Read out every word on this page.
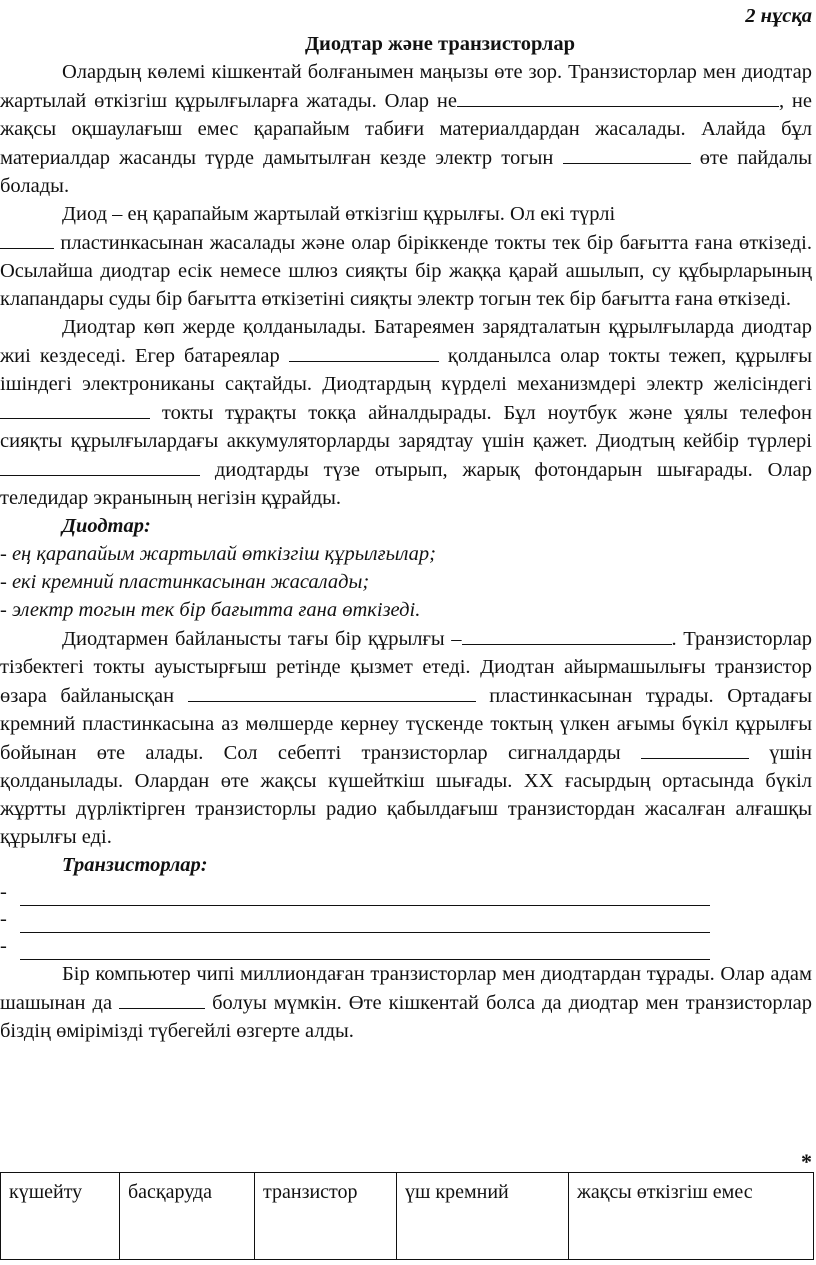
2 нұсқа
Диодтар және транзисторлар

Олардың көлемі кішкентай болғанымен маңызы өте зор. Транзисторлар мен диодтар жартылай өткізгіш құрылғыларға жатады. Олар не	, не жақсы оқшаулағыш емес қарапайым табиғи материалдардан жасалады. Алайда бұл материалдар жасанды түрде дамытылған кезде электр тогын	өте пайдалы болады.

Диод – ең қарапайым жартылай өткізгіш құрылғы. Ол екі түрлі
пластинкасынан жасалады және олар біріккенде токты тек бір бағытта ғана өткізеді. Осылайша диодтар есік немесе шлюз сияқты бір жаққа қарай ашылып, су құбырларының клапандары суды бір бағытта өткізетіні сияқты электр тогын тек бір бағытта ғана өткізеді.

Диодтар көп жерде қолданылады. Батареямен зарядталатын құрылғыларда диодтар жиі кездеседі. Егер батареялар	қолданылса олар токты тежеп, құрылғы ішіндегі электрониканы сақтайды. Диодтардың күрделі механизмдері электр желісіндегі  токты тұрақты токқа айналдырады. Бұл ноутбук және ұялы телефон сияқты құрылғылардағы аккумуляторларды зарядтау үшін қажет. Диодтың кейбір түрлері  диодтарды түзе отырып, жарық фотондарын шығарады. Олар теледидар экранының негізін құрайды.

Диодтар:
- ең қарапайым жартылай өткізгіш құрылғылар;
- екі кремний пластинкасынан жасалады;
- электр тогын тек бір бағытта ғана өткізеді.

Диодтармен байланысты тағы бір құрылғы –	. Транзисторлар тізбектегі токты ауыстырғыш ретінде қызмет етеді. Диодтан айырмашылығы транзистор өзара байланысқан	пластинкасынан тұрады. Ортадағы кремний пластинкасына аз мөлшерде кернеу түскенде токтың үлкен ағымы бүкіл құрылғы бойынан өте алады. Сол себепті транзисторлар сигналдарды	үшін қолданылады. Олардан өте жақсы күшейткіш шығады. XX ғасырдың ортасында бүкіл жұртты дүрліктірген транзисторлы радио қабылдағыш транзистордан жасалған алғашқы құрылғы еді.

Транзисторлар:
-
-
-

Бір компьютер чипі миллиондаған транзисторлар мен диодтардан тұрады. Олар адам шашынан да	болуы мүмкін. Өте кішкентай болса да диодтар мен транзисторлар біздің өмірімізді түбегейлі өзгерте алды.

*
күшейту	басқаруда	транзистор	үш кремний	жақсы өткізгіш емес
